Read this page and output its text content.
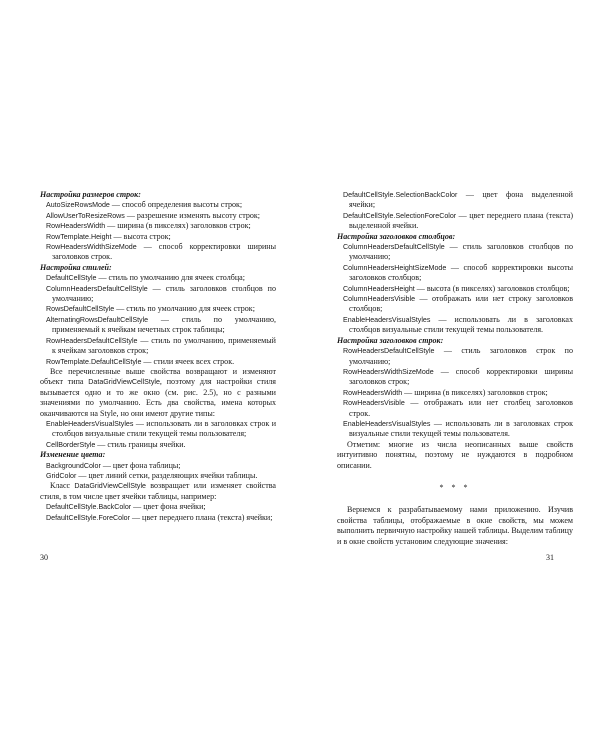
Настройка размеров строк:

AutoSizeRowsMode — способ определения высоты строк;

AllowUserToResizeRows — разрешение изменять высоту строк;

RowHeadersWidth — ширина (в пикселях) заголовков строк;

RowTemplate.Height — высота строк;

RowHeadersWidthSizeMode — способ корректировки ширины заголовков строк.

Настройка стилей:

DefaultCellStyle — стиль по умолчанию для ячеек столбца;

ColumnHeadersDefaultCellStyle — стиль заголовков столбцов по умолчанию;

RowsDefaultCellStyle — стиль по умолчанию для ячеек строк;

AlternatingRowsDefaultCellStyle — стиль по умолчанию, применяемый к ячейкам нечетных строк таблицы;

RowHeadersDefaultCellStyle — стиль по умолчанию, применяемый к ячейкам заголовков строк;

RowTemplate.DefaultCellStyle — стили ячеек всех строк.

Все перечисленные выше свойства возвращают и изменяют объект типа DataGridViewCellStyle, поэтому для настройки стиля вызывается одно и то же окно (см. рис. 2.5), но с разными значениями по умолчанию. Есть два свойства, имена которых оканчиваются на Style, но они имеют другие типы:

EnableHeadersVisualStyles — использовать ли в заголовках строк и столбцов визуальные стили текущей темы пользователя;

CellBorderStyle — стиль границы ячейки.

Изменение цвета:

BackgroundColor — цвет фона таблицы;

GridColor — цвет линий сетки, разделяющих ячейки таблицы.

Класс DataGridViewCellStyle возвращает или изменяет свойства стиля, в том числе цвет ячейки таблицы, например:

DefaultCellStyle.BackColor — цвет фона ячейки;

DefaultCellStyle.ForeColor — цвет переднего плана (текста) ячейки;

30

DefaultCellStyle.SelectionBackColor — цвет фона выделенной ячейки;

DefaultCellStyle.SelectionForeColor — цвет переднего плана (текста) выделенной ячейки.

Настройка заголовков столбцов:

ColumnHeadersDefaultCellStyle — стиль заголовков столбцов по умолчанию;

ColumnHeadersHeightSizeMode — способ корректировки высоты заголовков столбцов;

ColumnHeadersHeight — высота (в пикселях) заголовков столбцов;

ColumnHeadersVisible — отображать или нет строку заголовков столбцов;

EnableHeadersVisualStyles — использовать ли в заголовках столбцов визуальные стили текущей темы пользователя.

Настройка заголовков строк:

RowHeadersDefaultCellStyle — стиль заголовков строк по умолчанию;

RowHeadersWidthSizeMode — способ корректировки ширины заголовков строк;

RowHeadersWidth — ширина (в пикселях) заголовков строк;

RowHeadersVisible — отображать или нет столбец заголовков строк.

EnableHeadersVisualStyles — использовать ли в заголовках строк визуальные стили текущей темы пользователя.

Отметим: многие из числа неописанных выше свойств интуитивно понятны, поэтому не нуждаются в подробном описании.

* * *

Вернемся к разрабатываемому нами приложению. Изучив свойства таблицы, отображаемые в окне свойств, мы можем выполнить первичную настройку нашей таблицы. Выделим таблицу и в окне свойств установим следующие значения:

31
